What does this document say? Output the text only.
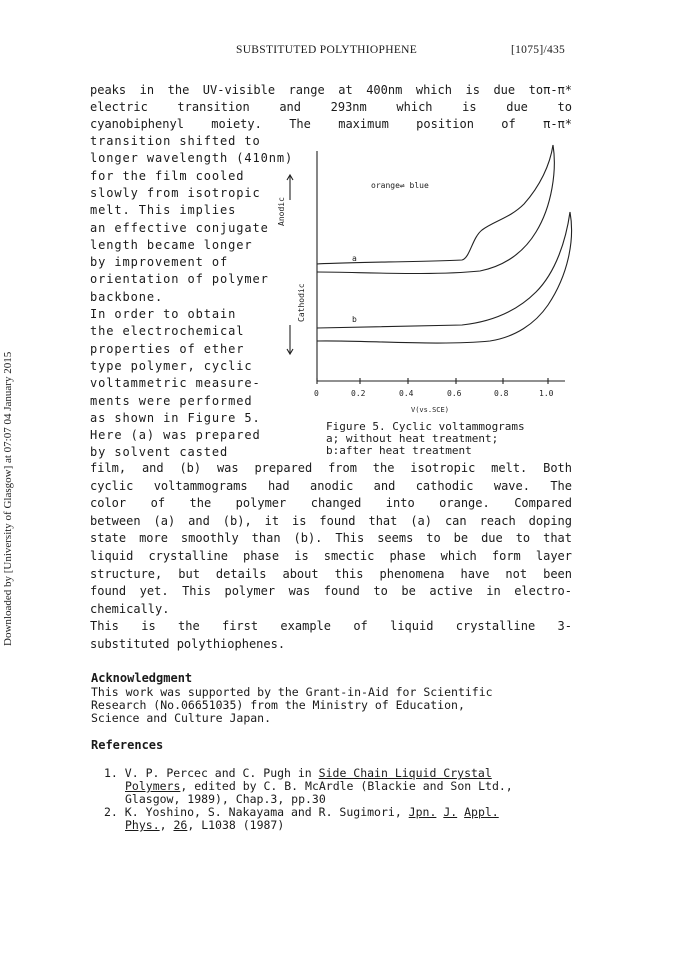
SUBSTITUTED POLYTHIOPHENE	[1075]/435
Downloaded by [University of Glasgow] at 07:07 04 January 2015
peaks in the UV-visible range at 400nm which is due toπ-π*
electric transition and 293nm which is due to
cyanobiphenyl moiety. The maximum position of π-π*
transition shifted to
longer wavelength (410nm)
for the film cooled
slowly from isotropic
melt. This implies
an effective conjugate
length became longer
by improvement of
orientation of polymer
backbone.
In order to obtain
the electrochemical
properties of ether
type polymer, cyclic
voltammetric measure-
ments were performed
as shown in Figure 5.
Here (a) was prepared
by solvent casted
Anodic
Cathodic
orange⇌ blue
a
b
0	0.2	0.4	0.6	0.8	1.0
V(vs.SCE)
Figure 5. Cyclic voltammograms
a; without heat treatment;
b:after heat treatment
film, and (b) was prepared from the isotropic melt. Both
cyclic voltammograms had anodic and cathodic wave. The
color of the polymer changed into orange. Compared
between (a) and (b), it is found that (a) can reach doping
state more smoothly than (b). This seems to be due to that
liquid crystalline phase is smectic phase which form layer
structure, but details about this phenomena have not been
found yet. This polymer was found to be active in electro-
chemically.
This is the first example of liquid crystalline 3-
substituted polythiophenes.
Acknowledgment
This work was supported by the Grant-in-Aid for Scientific
Research (No.06651035) from the Ministry of Education,
Science and Culture Japan.
References
1. V. P. Percec and C. Pugh in Side Chain Liquid Crystal
Polymers, edited by C. B. McArdle (Blackie and Son Ltd.,
Glasgow, 1989), Chap.3, pp.30
2. K. Yoshino, S. Nakayama and R. Sugimori, Jpn. J. Appl.
Phys., 26, L1038 (1987)
